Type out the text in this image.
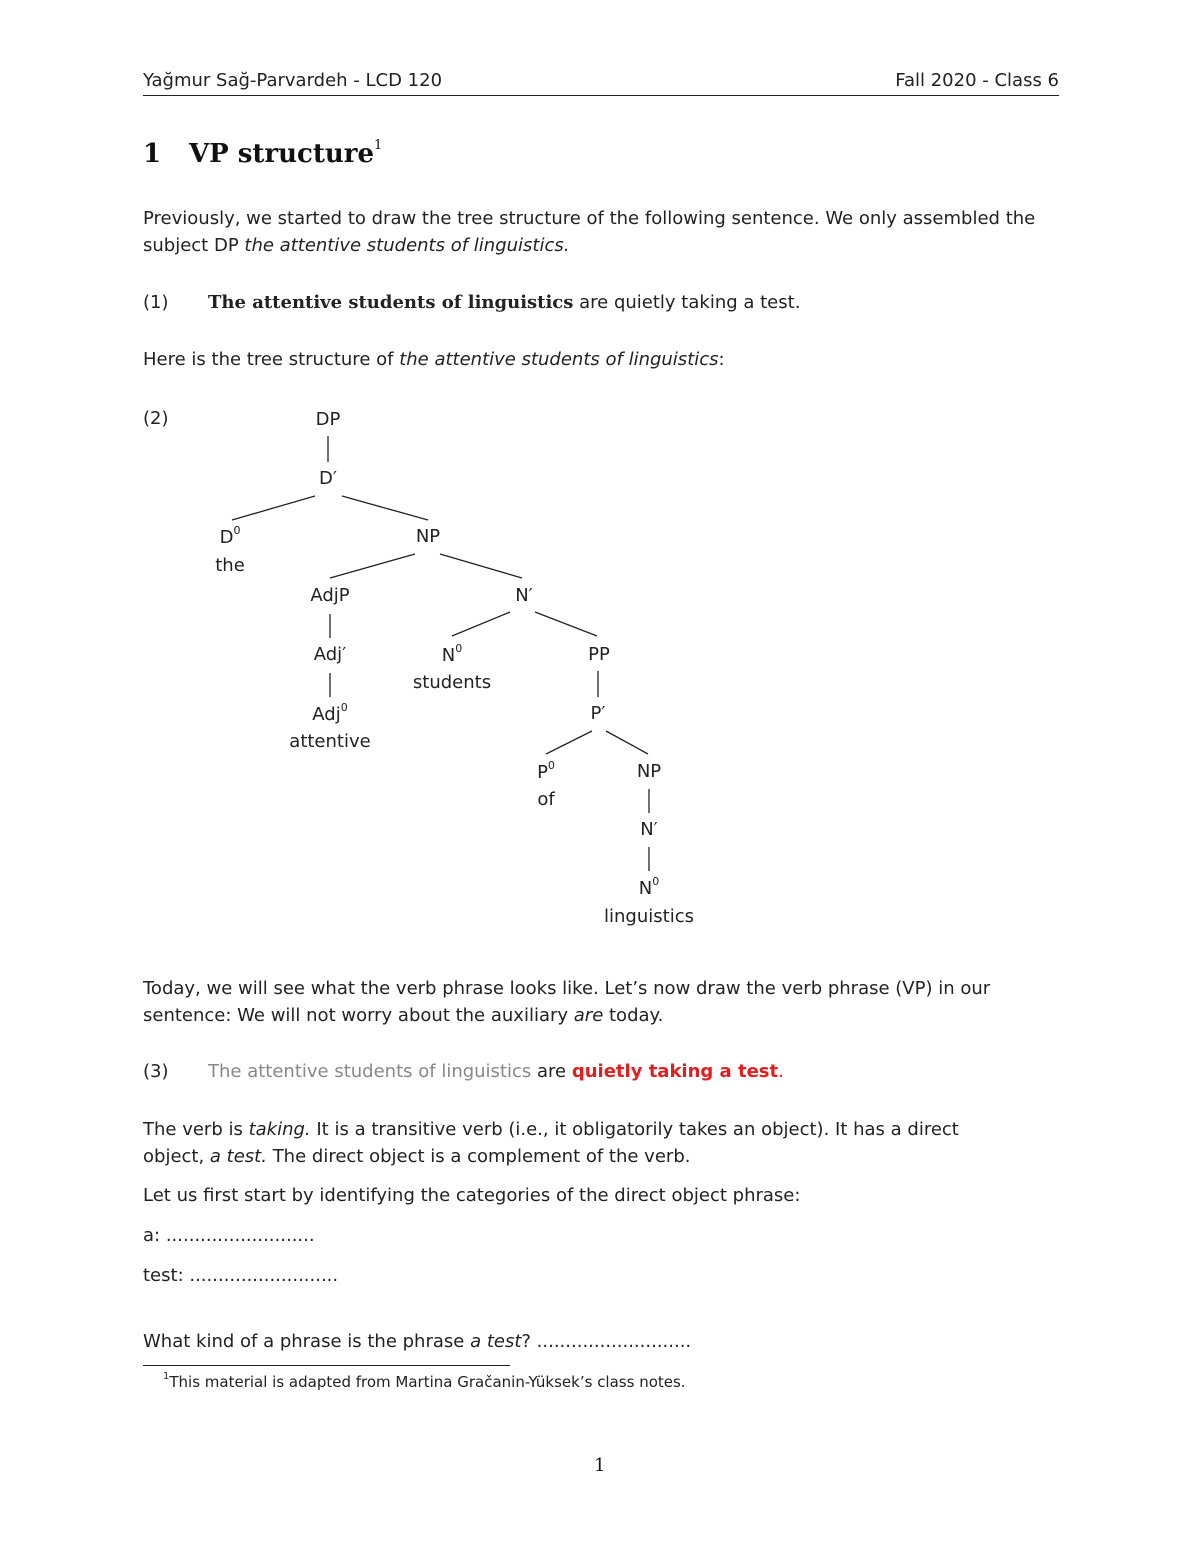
Yağmur Sağ-Parvardeh - LCD 120	Fall 2020 - Class 6
1 VP structure$^1$
Previously, we started to draw the tree structure of the following sentence. We only assembled the
subject DP the attentive students of linguistics.
(1) The attentive students of linguistics are quietly taking a test.
Here is the tree structure of the attentive students of linguistics:
(2)	DP
D′
$D^0$
the
NP
AdjP	N′
Adj′	$N^0$
students
PP
Adj$^0$
attentive
P′
$P^0$
of
NP
N′
$N^0$
linguistics
Today, we will see what the verb phrase looks like. Let’s now draw the verb phrase (VP) in our
sentence: We will not worry about the auxiliary are today.
(3) The attentive students of linguistics are quietly taking a test.
The verb is taking. It is a transitive verb (i.e., it obligatorily takes an object). It has a direct
object, a test. The direct object is a complement of the verb.
Let us first start by identifying the categories of the direct object phrase:
a: ..........................
test: ..........................
What kind of a phrase is the phrase a test? ...........................
$^1$This material is adapted from Martina Gračanin-Yüksek’s class notes.
1
